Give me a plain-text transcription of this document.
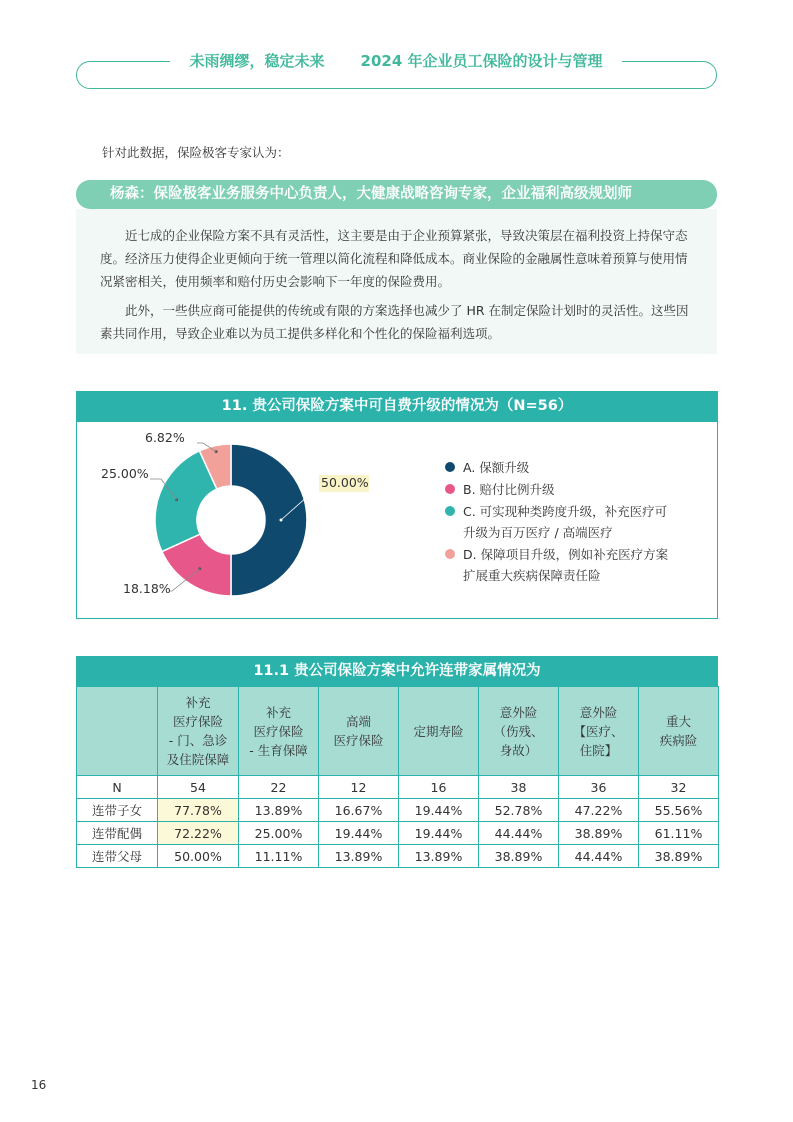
未雨绸缪，稳定未来 2024 年企业员工保险的设计与管理
针对此数据，保险极客专家认为：
杨森：保险极客业务服务中心负责人，大健康战略咨询专家，企业福利高级规划师

近七成的企业保险方案不具有灵活性，这主要是由于企业预算紧张，导致决策层在福利投资上持保守态度。经济压力使得企业更倾向于统一管理以简化流程和降低成本。商业保险的金融属性意味着预算与使用情况紧密相关，使用频率和赔付历史会影响下一年度的保险费用。

此外，一些供应商可能提供的传统或有限的方案选择也减少了 HR 在制定保险计划时的灵活性。这些因素共同作用，导致企业难以为员工提供多样化和个性化的保险福利选项。

11. 贵公司保险方案中可自费升级的情况为（N=56）
50.00%
18.18%
25.00%
6.82%
A. 保额升级
B. 赔付比例升级
C. 可实现种类跨度升级，补充医疗可升级为百万医疗 / 高端医疗
D. 保障项目升级，例如补充医疗方案扩展重大疾病保障责任险
11.1 贵公司保险方案中允许连带家属情况为
	补充
医疗保险
- 门、急诊
及住院保障	补充
医疗保险
- 生育保障	高端
医疗保险	定期寿险	意外险
（伤残、
身故）	意外险
【医疗、
住院】	重大
疾病险
N	54	22	12	16	38	36	32
连带子女	77.78%	13.89%	16.67%	19.44%	52.78%	47.22%	55.56%
连带配偶	72.22%	25.00%	19.44%	19.44%	44.44%	38.89%	61.11%
连带父母	50.00%	11.11%	13.89%	13.89%	38.89%	44.44%	38.89%
16
